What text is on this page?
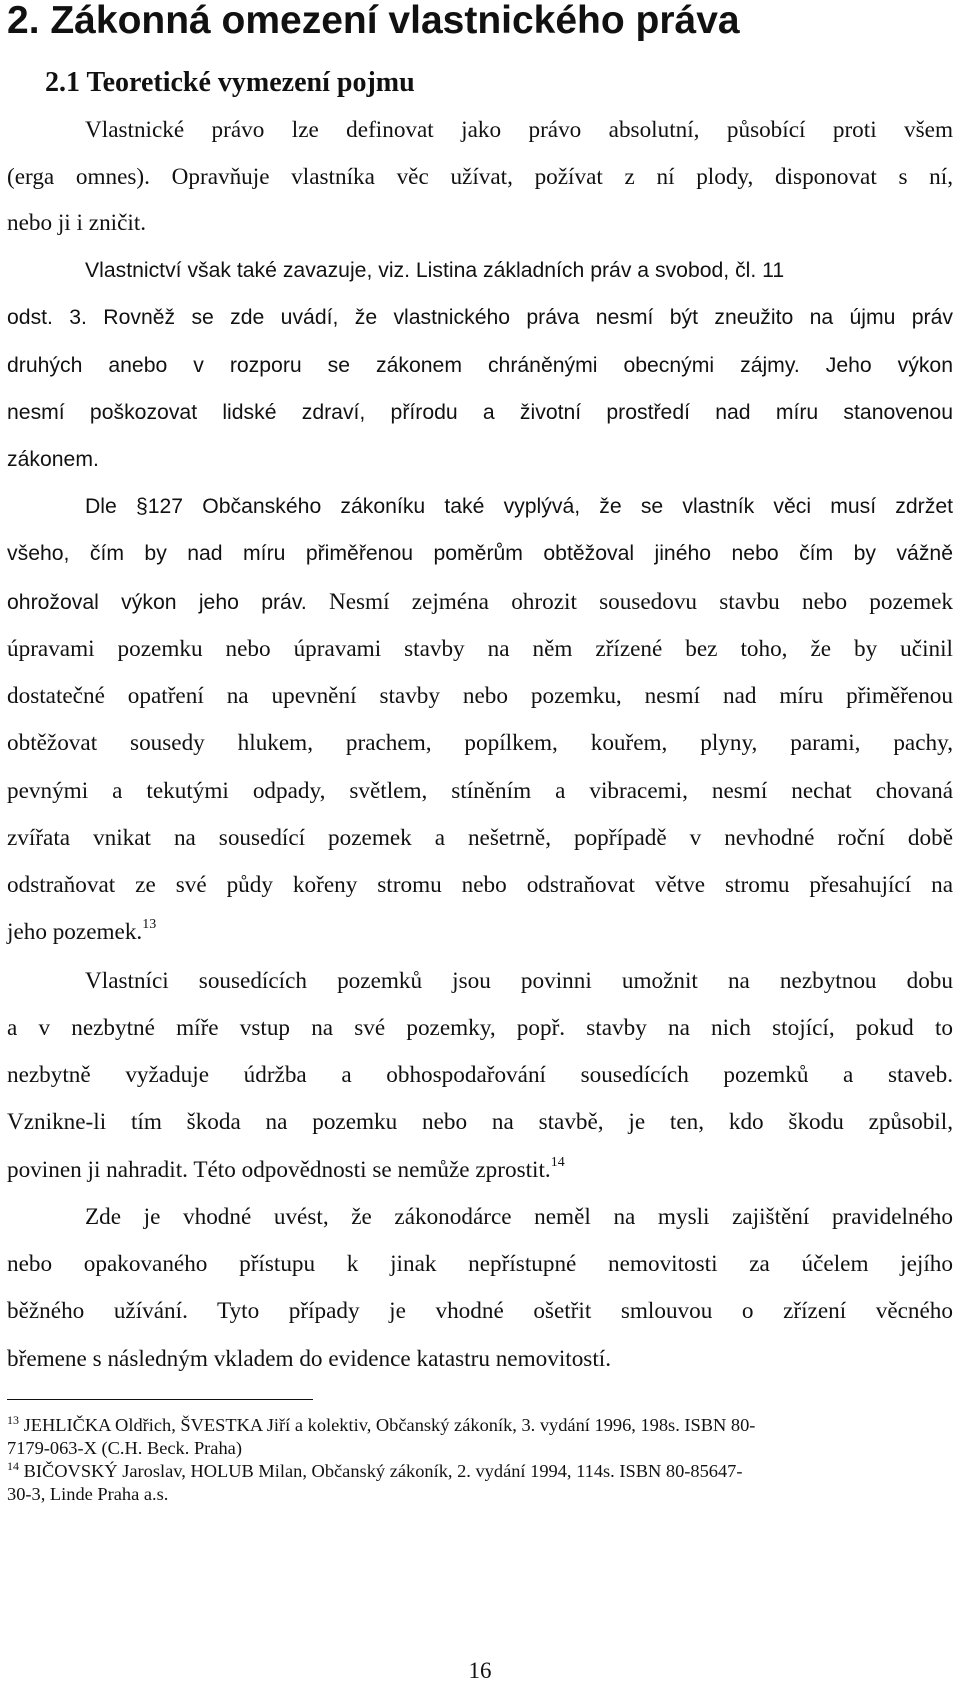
2. Zákonná omezení vlastnického práva
2.1 Teoretické vymezení pojmu
Vlastnické právo lze definovat jako právo absolutní, působící proti všem
(erga omnes). Opravňuje vlastníka věc užívat, požívat z ní plody, disponovat s ní,
nebo ji i zničit.
Vlastnictví však také zavazuje, viz. Listina základních práv a svobod, čl. 11
odst. 3. Rovněž se zde uvádí, že vlastnického práva nesmí být zneužito na újmu práv
druhých anebo v rozporu se zákonem chráněnými obecnými zájmy. Jeho výkon
nesmí poškozovat lidské zdraví, přírodu a životní prostředí nad míru stanovenou
zákonem.
Dle §127 Občanského zákoníku také vyplývá, že se vlastník věci musí zdržet
všeho, čím by nad míru přiměřenou poměrům obtěžoval jiného nebo čím by vážně
ohrožoval výkon jeho práv. Nesmí zejména ohrozit sousedovu stavbu nebo pozemek
úpravami pozemku nebo úpravami stavby na něm zřízené bez toho, že by učinil
dostatečné opatření na upevnění stavby nebo pozemku, nesmí nad míru přiměřenou
obtěžovat sousedy hlukem, prachem, popílkem, kouřem, plyny, parami, pachy,
pevnými a tekutými odpady, světlem, stíněním a vibracemi, nesmí nechat chovaná
zvířata vnikat na sousedící pozemek a nešetrně, popřípadě v nevhodné roční době
odstraňovat ze své půdy kořeny stromu nebo odstraňovat větve stromu přesahující na
jeho pozemek.$^{13}$
Vlastníci sousedících pozemků jsou povinni umožnit na nezbytnou dobu
a v nezbytné míře vstup na své pozemky, popř. stavby na nich stojící, pokud to
nezbytně vyžaduje údržba a obhospodařování sousedících pozemků a staveb.
Vznikne-li tím škoda na pozemku nebo na stavbě, je ten, kdo škodu způsobil,
povinen ji nahradit. Této odpovědnosti se nemůže zprostit.$^{14}$
Zde je vhodné uvést, že zákonodárce neměl na mysli zajištění pravidelného
nebo opakovaného přístupu k jinak nepřístupné nemovitosti za účelem jejího
běžného užívání. Tyto případy je vhodné ošetřit smlouvou o zřízení věcného
břemene s následným vkladem do evidence katastru nemovitostí.
$^{13}$ JEHLIČKA Oldřich, ŠVESTKA Jiří a kolektiv, Občanský zákoník, 3. vydání 1996, 198s. ISBN 80-
7179-063-X (C.H. Beck. Praha)
$^{14}$ BIČOVSKÝ Jaroslav, HOLUB Milan, Občanský zákoník, 2. vydání 1994, 114s. ISBN 80-85647-
30-3, Linde Praha a.s.
16
